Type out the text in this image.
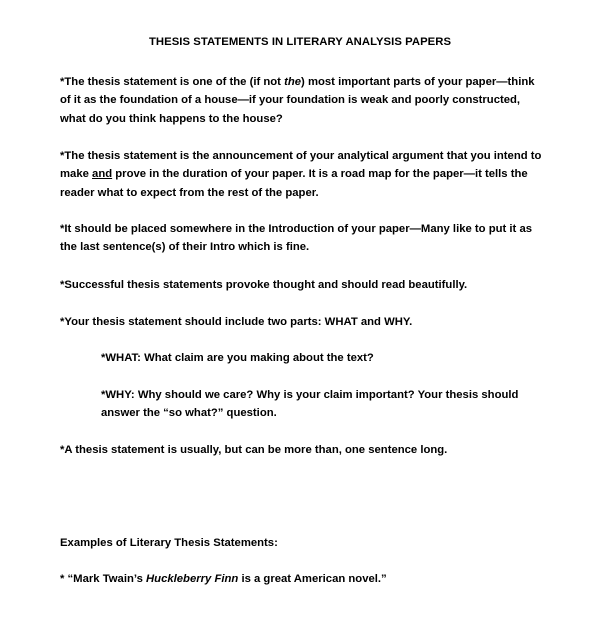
THESIS STATEMENTS IN LITERARY ANALYSIS PAPERS

*The thesis statement is one of the (if not the) most important parts of your paper—think
of it as the foundation of a house—if your foundation is weak and poorly constructed,
what do you think happens to the house?

*The thesis statement is the announcement of your analytical argument that you intend to
make and prove in the duration of your paper. It is a road map for the paper—it tells the
reader what to expect from the rest of the paper.

*It should be placed somewhere in the Introduction of your paper—Many like to put it as
the last sentence(s) of their Intro which is fine.

*Successful thesis statements provoke thought and should read beautifully.

*Your thesis statement should include two parts: WHAT and WHY.

*WHAT: What claim are you making about the text?

*WHY: Why should we care? Why is your claim important? Your thesis should
answer the “so what?” question.

*A thesis statement is usually, but can be more than, one sentence long.

Examples of Literary Thesis Statements:

* “Mark Twain’s Huckleberry Finn is a great American novel.”
